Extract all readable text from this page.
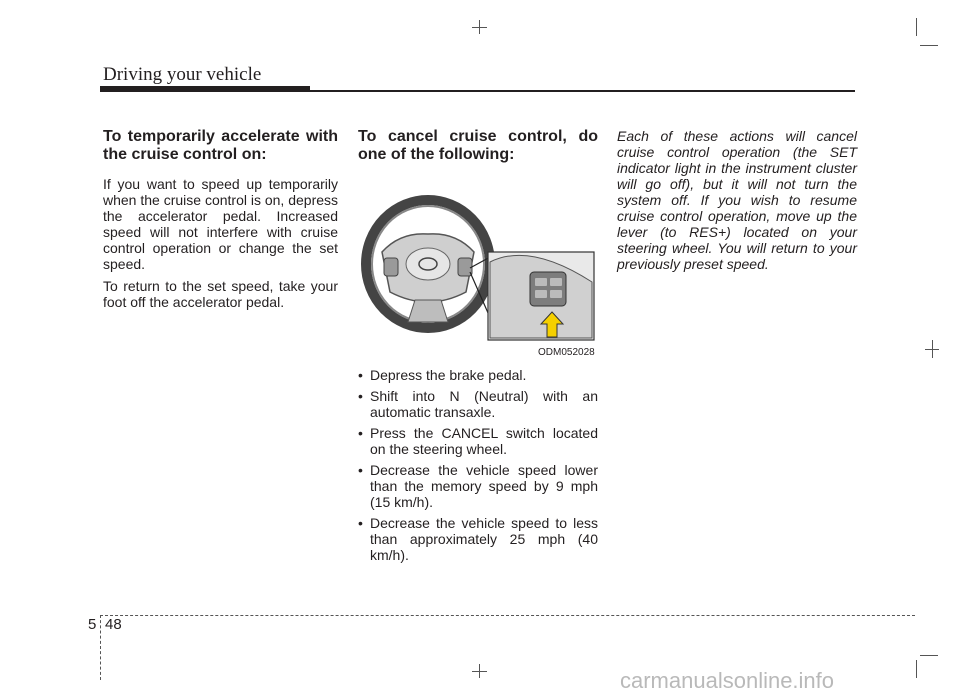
Driving your vehicle
To temporarily accelerate with the cruise control on:

If you want to speed up temporarily when the cruise control is on, depress the accelerator pedal. Increased speed will not interfere with cruise control operation or change the set speed.

To return to the set speed, take your foot off the accelerator pedal.

To cancel cruise control, do one of the following:
ODM052028
• Depress the brake pedal.
• Shift into N (Neutral) with an automatic transaxle.
• Press the CANCEL switch located on the steering wheel.
• Decrease the vehicle speed lower than the memory speed by 9 mph (15 km/h).
• Decrease the vehicle speed to less than approximately 25 mph (40 km/h).

Each of these actions will cancel cruise control operation (the SET indicator light in the instrument cluster will go off), but it will not turn the system off. If you wish to resume cruise control operation, move up the lever (to RES+) located on your steering wheel. You will return to your previously preset speed.

5 48
carmanualsonline.info
